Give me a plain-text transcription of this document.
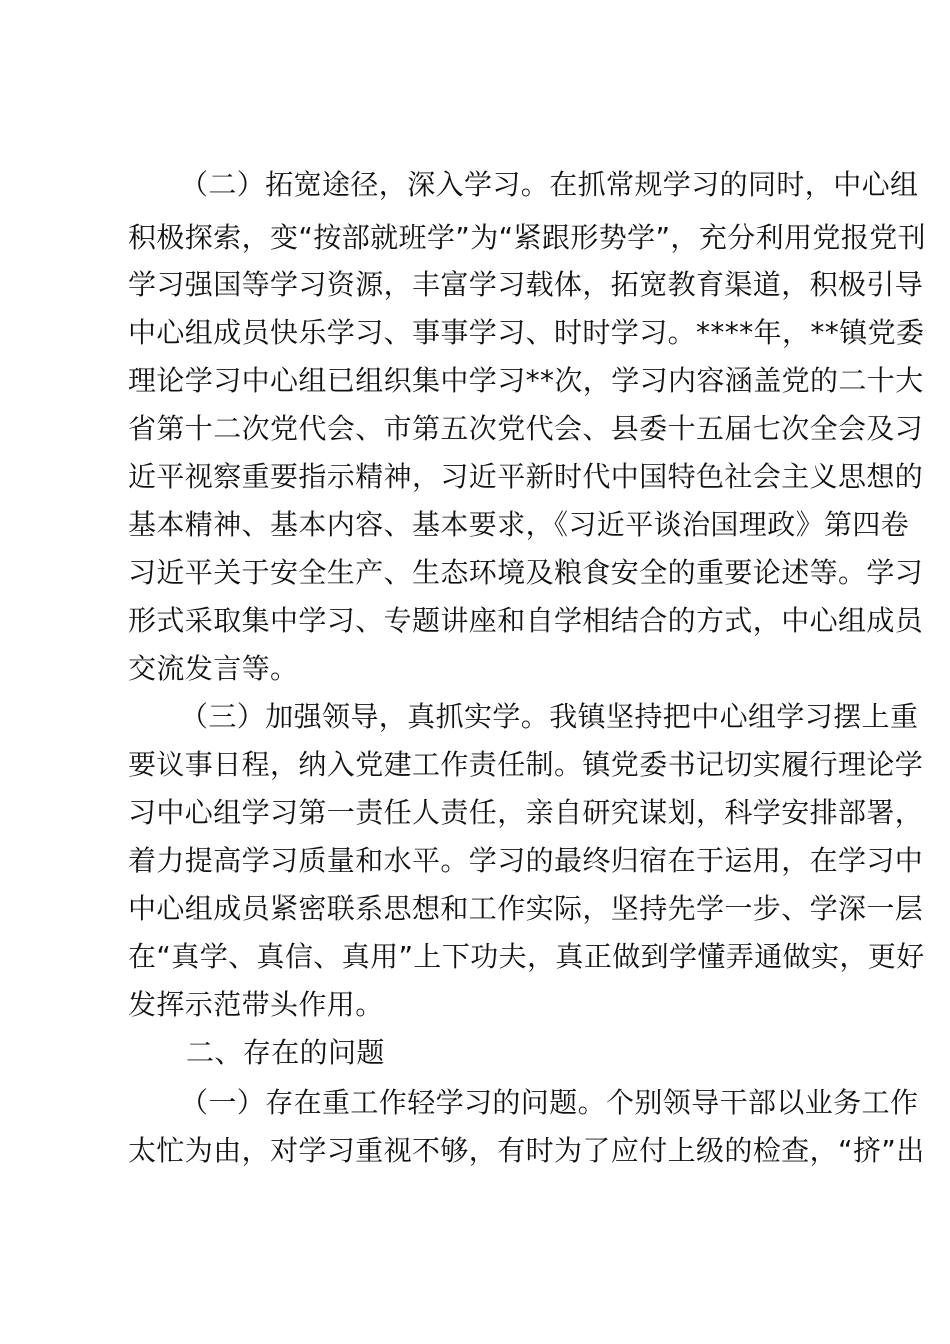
（二）拓宽途径，深入学习。在抓常规学习的同时，中心组
积极探索，变“按部就班学”为“紧跟形势学”，充分利用党报党刊
学习强国等学习资源，丰富学习载体，拓宽教育渠道，积极引导
中心组成员快乐学习、事事学习、时时学习。****年，**镇党委
理论学习中心组已组织集中学习**次，学习内容涵盖党的二十大
省第十二次党代会、市第五次党代会、县委十五届七次全会及习
近平视察重要指示精神，习近平新时代中国特色社会主义思想的
基本精神、基本内容、基本要求，《习近平谈治国理政》第四卷
习近平关于安全生产、生态环境及粮食安全的重要论述等。学习
形式采取集中学习、专题讲座和自学相结合的方式，中心组成员
交流发言等。
（三）加强领导，真抓实学。我镇坚持把中心组学习摆上重
要议事日程，纳入党建工作责任制。镇党委书记切实履行理论学
习中心组学习第一责任人责任，亲自研究谋划，科学安排部署，
着力提高学习质量和水平。学习的最终归宿在于运用，在学习中
中心组成员紧密联系思想和工作实际，坚持先学一步、学深一层
在“真学、真信、真用”上下功夫，真正做到学懂弄通做实，更好
发挥示范带头作用。
二、存在的问题
（一）存在重工作轻学习的问题。个别领导干部以业务工作
太忙为由，对学习重视不够，有时为了应付上级的检查，“挤”出
